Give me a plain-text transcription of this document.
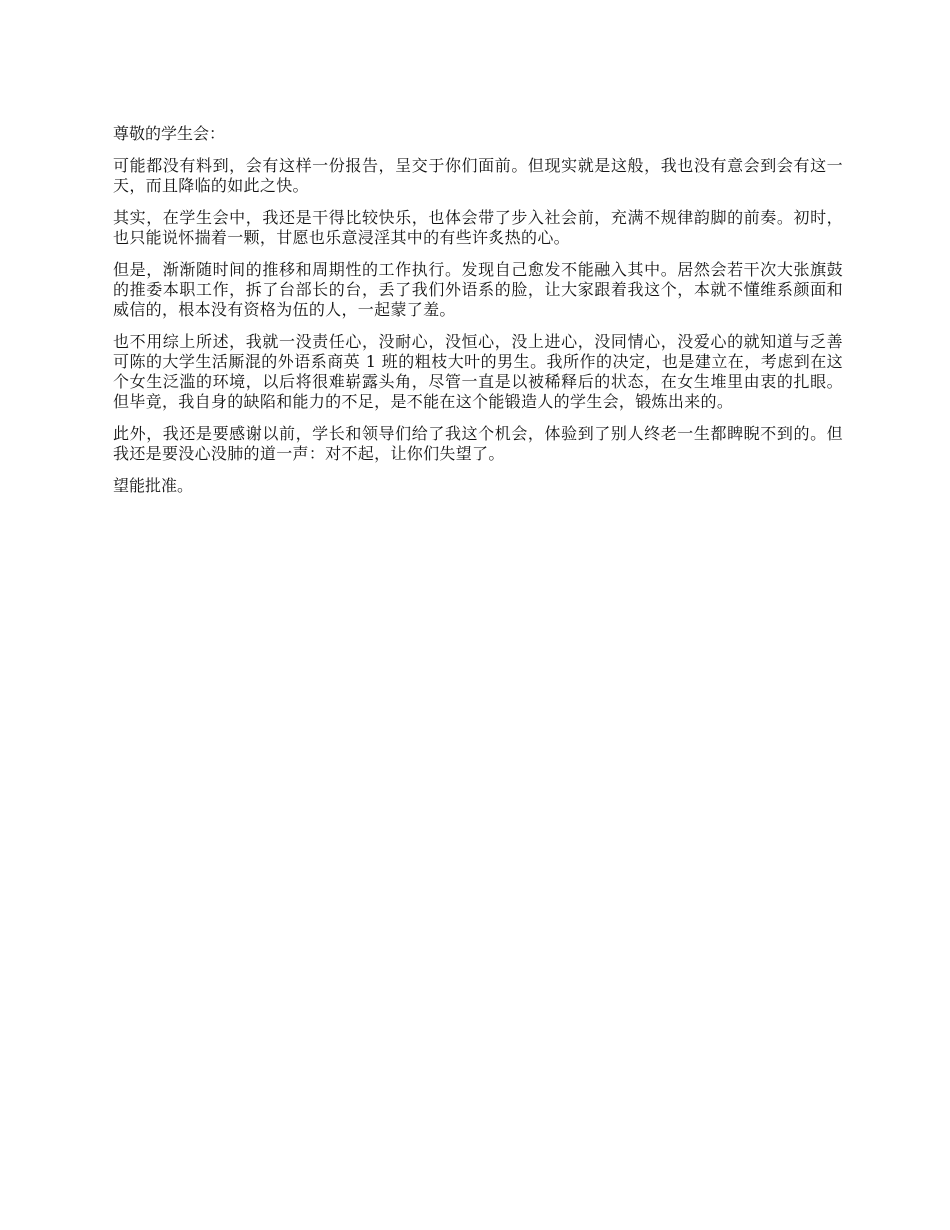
尊敬的学生会：

可能都没有料到，会有这样一份报告，呈交于你们面前。但现实就是这般，我也没有意会到会有这一天，而且降临的如此之快。

其实，在学生会中，我还是干得比较快乐，也体会带了步入社会前，充满不规律韵脚的前奏。初时，也只能说怀揣着一颗，甘愿也乐意浸淫其中的有些许炙热的心。

但是，渐渐随时间的推移和周期性的工作执行。发现自己愈发不能融入其中。居然会若干次大张旗鼓的推委本职工作，拆了台部长的台，丢了我们外语系的脸，让大家跟着我这个，本就不懂维系颜面和威信的，根本没有资格为伍的人，一起蒙了羞。

也不用综上所述，我就一没责任心，没耐心，没恒心，没上进心，没同情心，没爱心的就知道与乏善可陈的大学生活厮混的外语系商英 1 班的粗枝大叶的男生。我所作的决定，也是建立在，考虑到在这个女生泛滥的环境，以后将很难崭露头角，尽管一直是以被稀释后的状态，在女生堆里由衷的扎眼。但毕竟，我自身的缺陷和能力的不足，是不能在这个能锻造人的学生会，锻炼出来的。

此外，我还是要感谢以前，学长和领导们给了我这个机会，体验到了别人终老一生都睥睨不到的。但我还是要没心没肺的道一声：对不起，让你们失望了。

望能批准。
